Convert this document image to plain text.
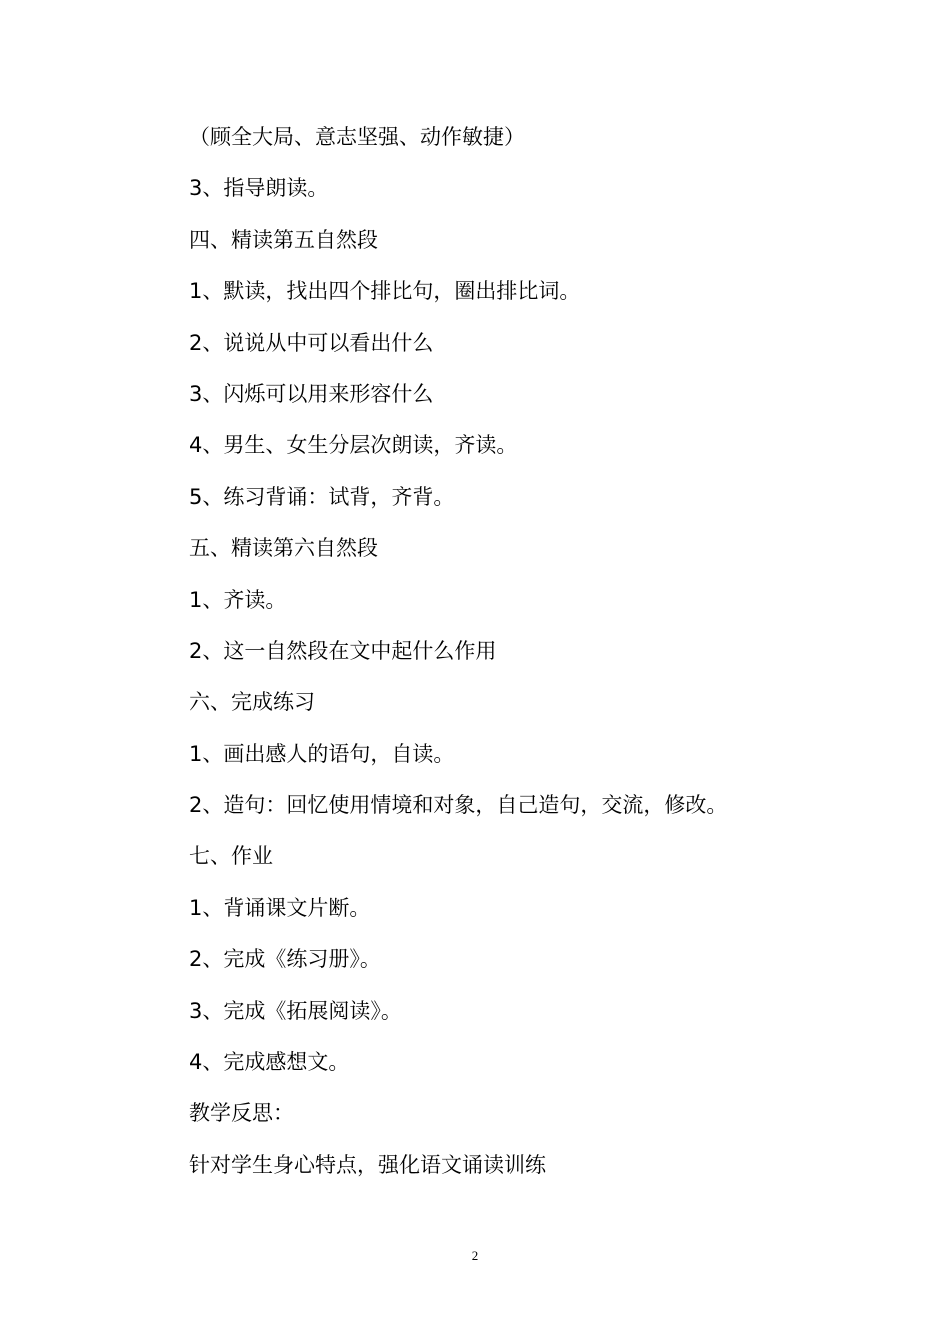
（顾全大局、意志坚强、动作敏捷）
3、指导朗读。
四、精读第五自然段
1、默读，找出四个排比句，圈出排比词。
2、说说从中可以看出什么
3、闪烁可以用来形容什么
4、男生、女生分层次朗读，齐读。
5、练习背诵：试背，齐背。
五、精读第六自然段
1、齐读。
2、这一自然段在文中起什么作用
六、完成练习
1、画出感人的语句，自读。
2、造句：回忆使用情境和对象，自己造句，交流，修改。
七、作业
1、背诵课文片断。
2、完成《练习册》。
3、完成《拓展阅读》。
4、完成感想文。
教学反思：
针对学生身心特点，强化语文诵读训练
2
